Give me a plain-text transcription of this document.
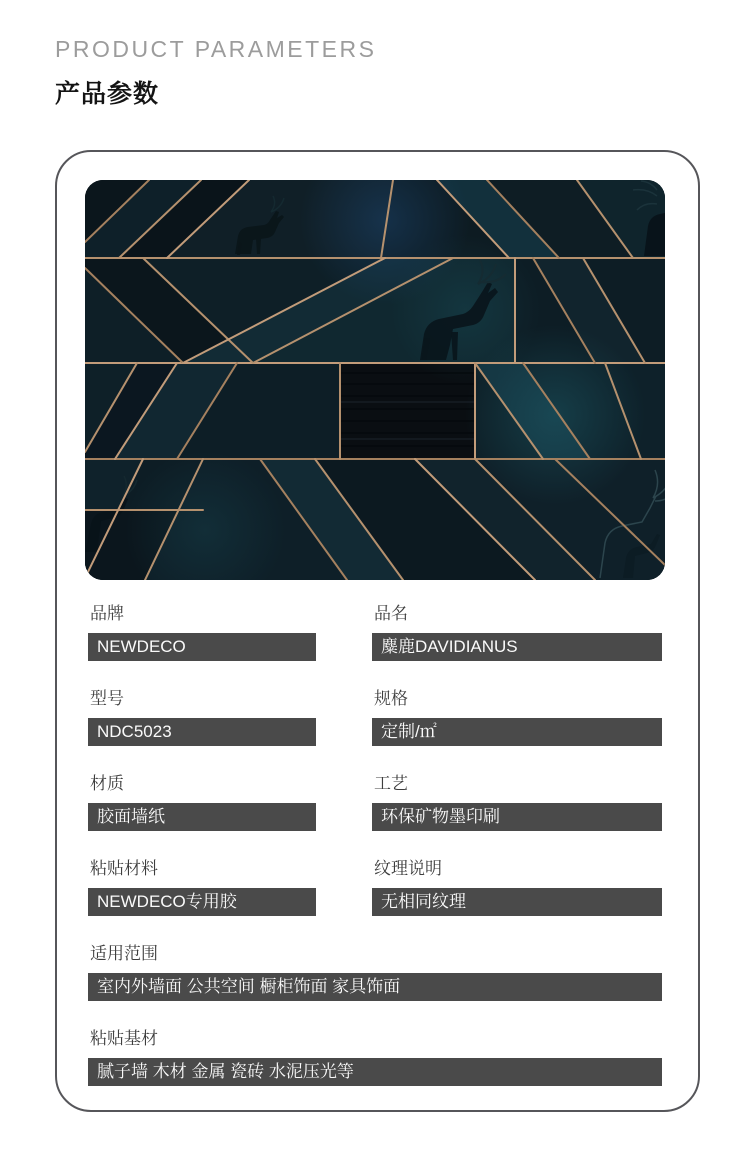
PRODUCT PARAMETERS
产品参数
品牌
NEWDECO
品名
麋鹿DAVIDIANUS
型号
NDC5023
规格
定制/㎡
材质
胶面墙纸
工艺
环保矿物墨印刷
粘贴材料
NEWDECO专用胶
纹理说明
无相同纹理
适用范围
室内外墙面 公共空间 橱柜饰面 家具饰面
粘贴基材
腻子墙 木材 金属 瓷砖 水泥压光等
